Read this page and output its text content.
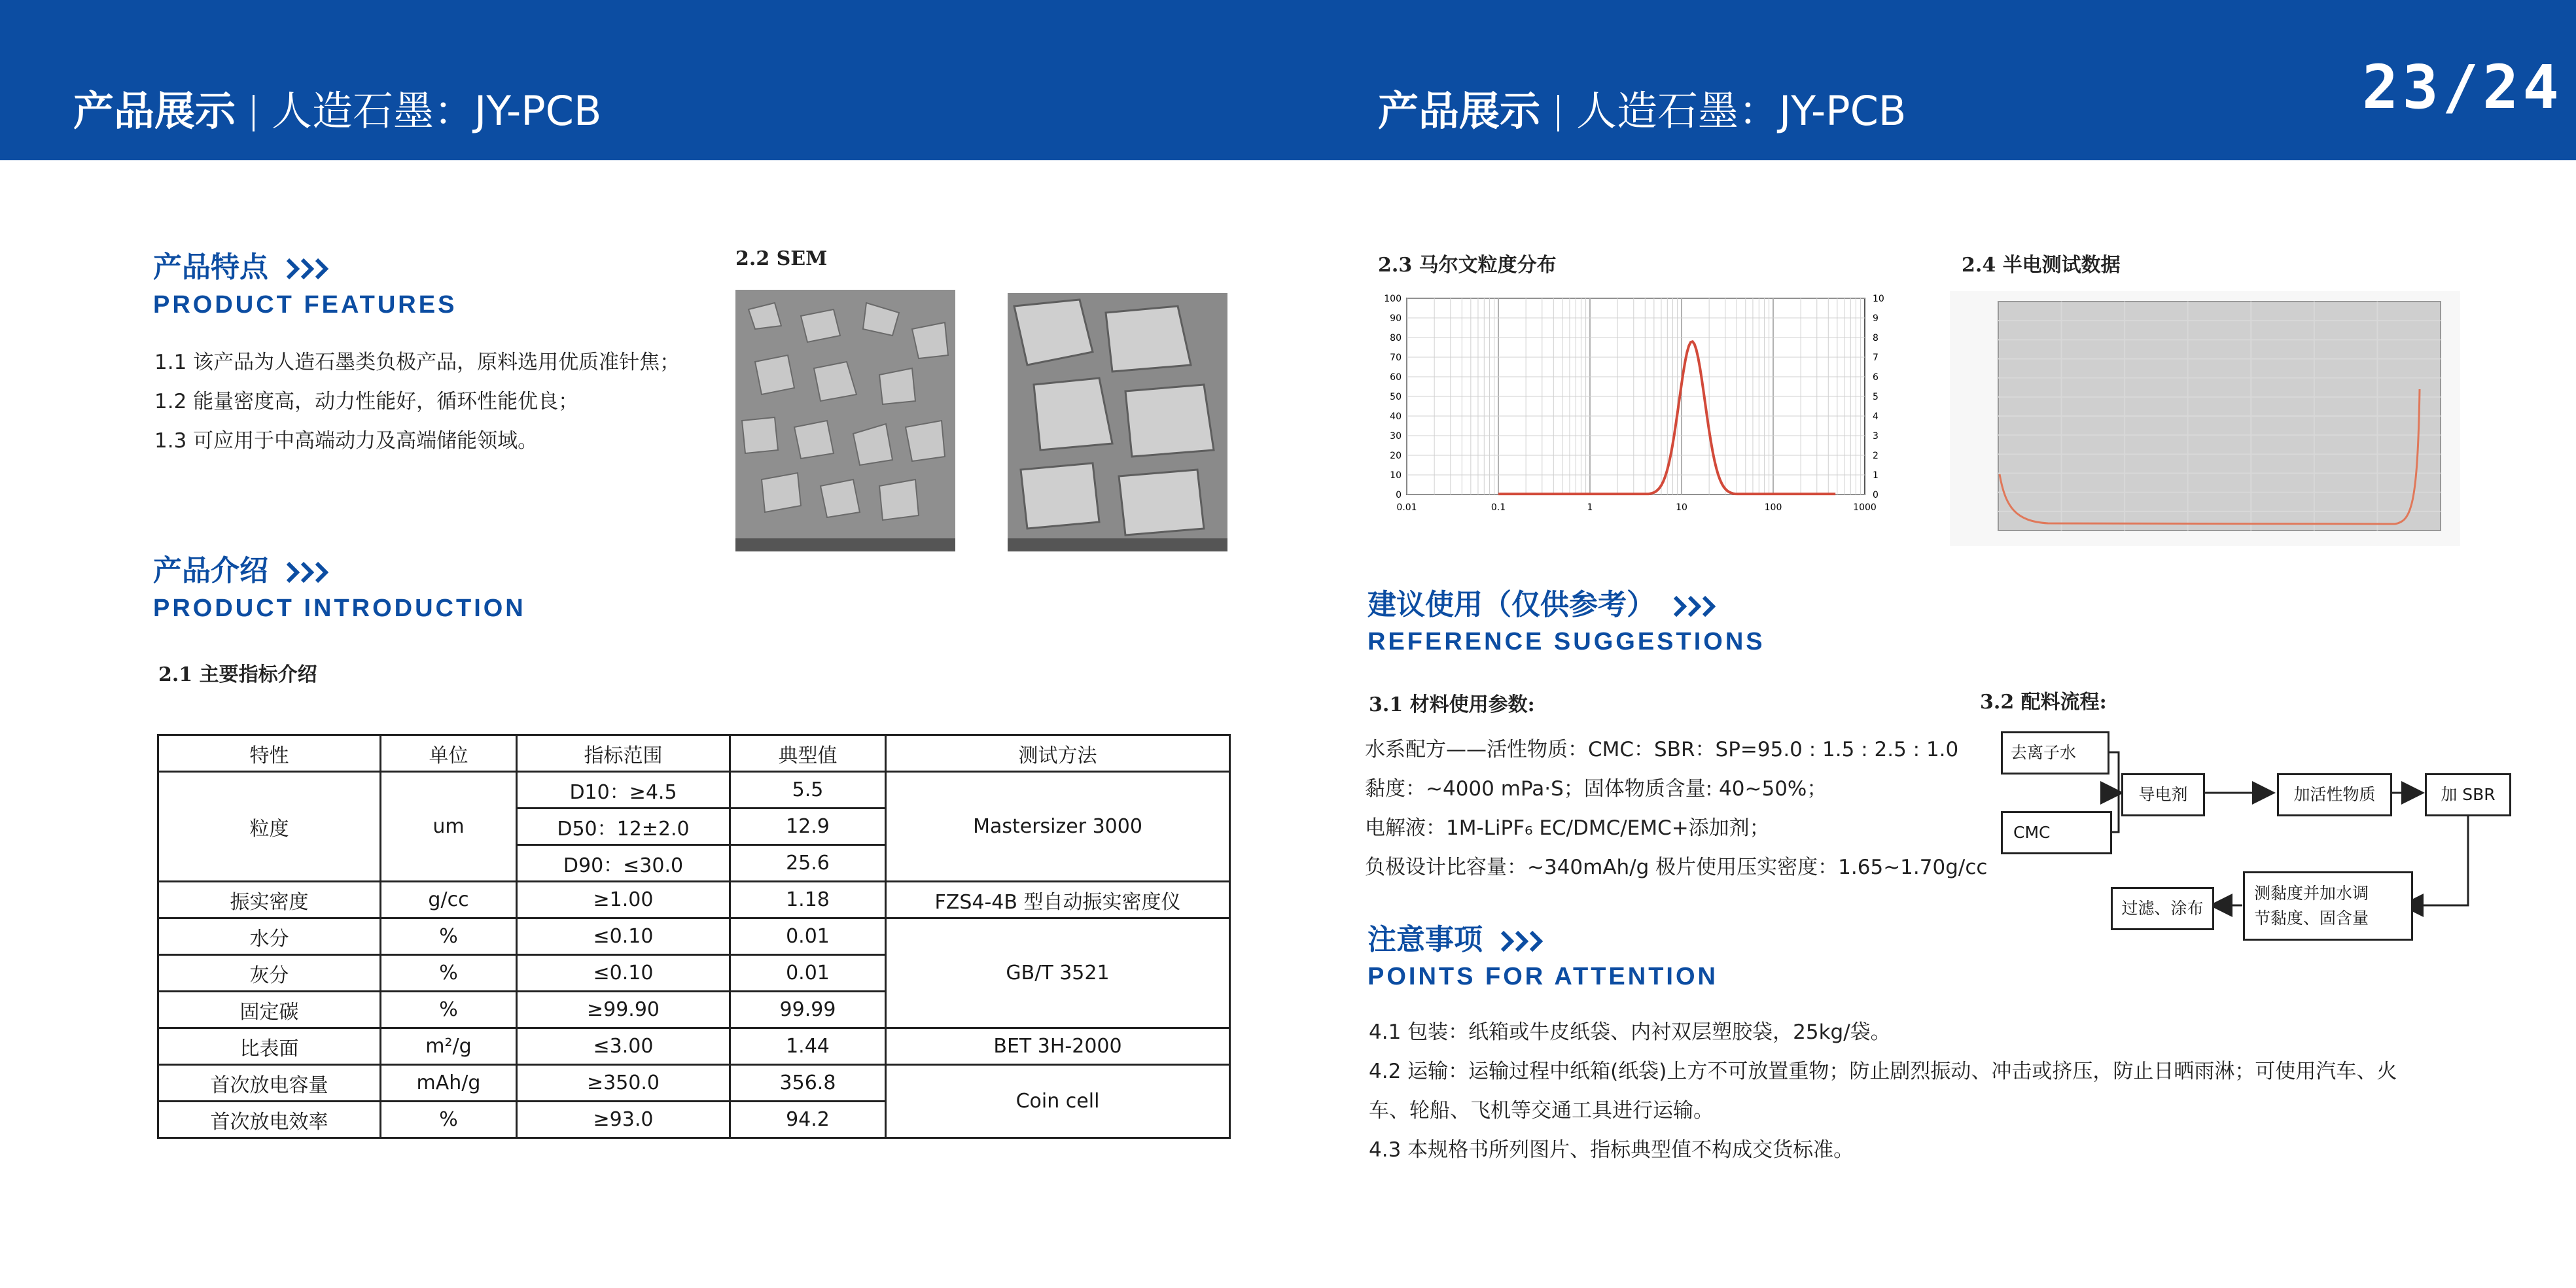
产品展示 人造石墨：JY-PCB	产品展示 人造石墨：JY-PCB	23/24
产品特点
PRODUCT FEATURES
1.1 该产品为人造石墨类负极产品，原料选用优质准针焦；
1.2 能量密度高，动力性能好，循环性能优良；
1.3 可应用于中高端动力及高端储能领域。
2.2 SEM
产品介绍
PRODUCT INTRODUCTION
2.1 主要指标介绍
特性	单位	指标范围	典型值	测试方法
粒度	um	D10：≥4.5	5.5	Mastersizer 3000
		D50：12±2.0	12.9	
		D90：≤30.0	25.6	
振实密度	g/cc	≥1.00	1.18	FZS4-4B 型自动振实密度仪
水分	%	≤0.10	0.01	GB/T 3521
灰分	%	≤0.10	0.01	
固定碳	%	≥99.90	99.99	
比表面	m²/g	≤3.00	1.44	BET 3H-2000
首次放电容量	mAh/g	≥350.0	356.8	Coin cell
首次放电效率	%	≥93.0	94.2	
2.3 马尔文粒度分布
0
10
20
30
40
50
60
70
80
90
100
0
1
2
3
4
5
6
7
8
9
10
0.01	0.1	1	10	100	1000
2.4 半电测试数据
建议使用（仅供参考）
REFERENCE SUGGESTIONS
3.1 材料使用参数:
水系配方——活性物质：CMC：SBR：SP=95.0 : 1.5 : 2.5 : 1.0
黏度：~4000 mPa·S；固体物质含量: 40~50%；
电解液：1M-LiPF₆ EC/DMC/EMC+添加剂；
负极设计比容量：~340mAh/g 极片使用压实密度：1.65~1.70g/cc
3.2 配料流程:
去离子水
CMC
导电剂	加活性物质	加 SBR
测黏度并加水调
节黏度、固含量
过滤、涂布
注意事项
POINTS FOR ATTENTION
4.1 包装：纸箱或牛皮纸袋、内衬双层塑胶袋，25kg/袋。
4.2 运输：运输过程中纸箱(纸袋)上方不可放置重物；防止剧烈振动、冲击或挤压，防止日晒雨淋；可使用汽车、火
车、轮船、飞机等交通工具进行运输。
4.3 本规格书所列图片、指标典型值不构成交货标准。
